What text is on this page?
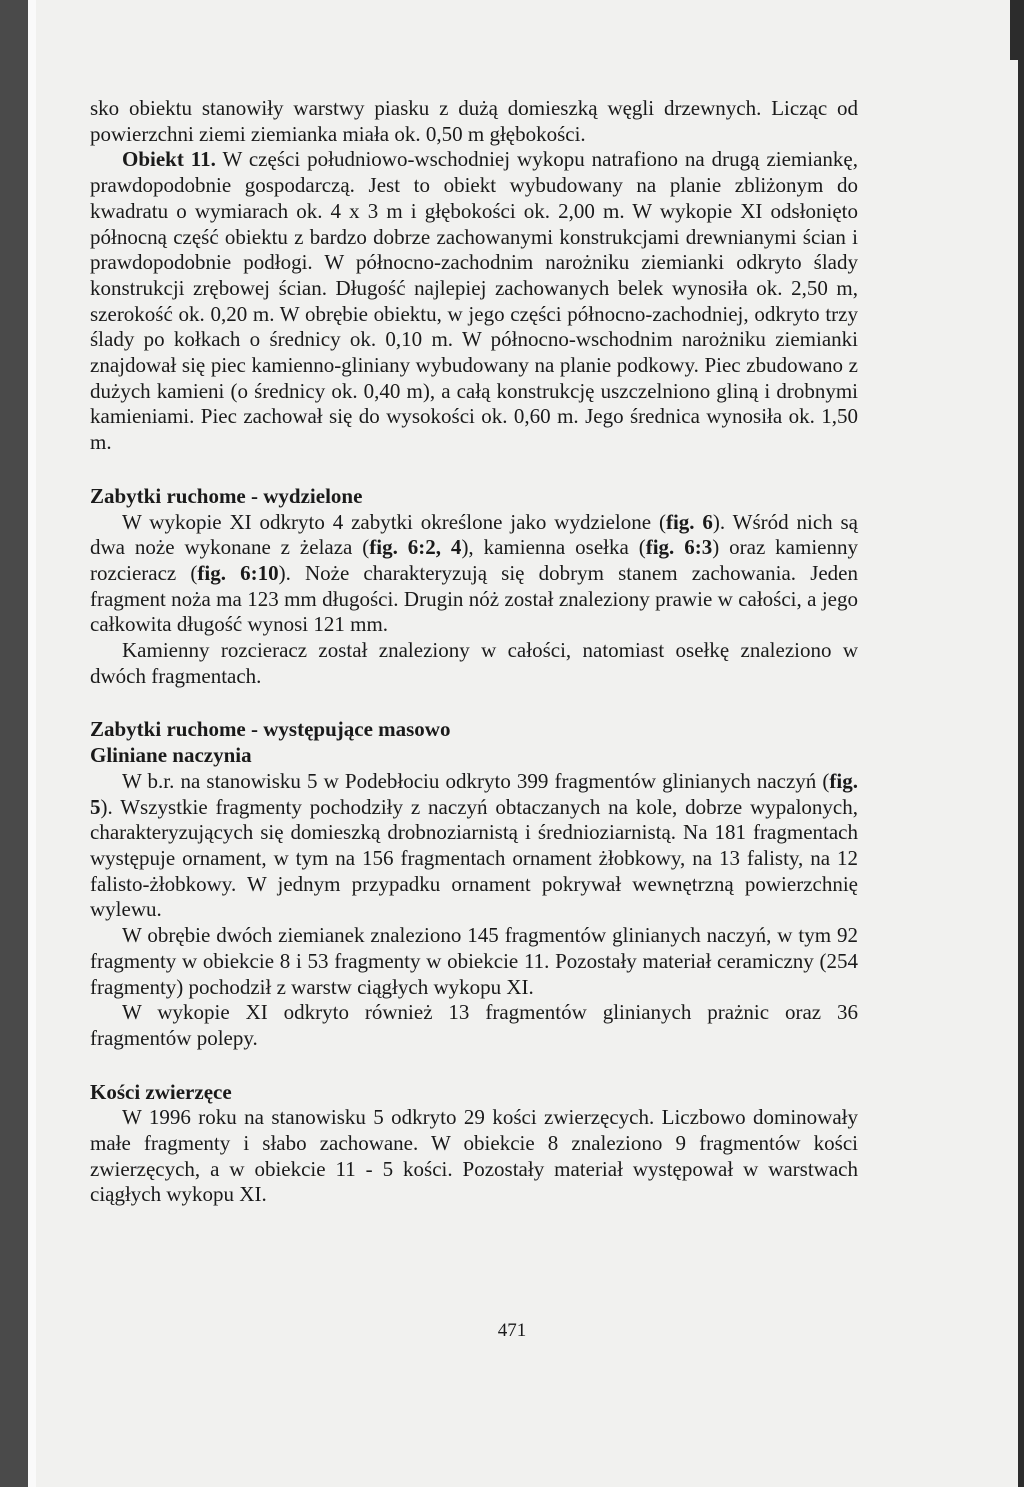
sko obiektu stanowiły warstwy piasku z dużą domieszką węgli drzewnych. Licząc od powierzchni ziemi ziemianka miała ok. 0,50 m głębokości.

Obiekt 11. W części południowo-wschodniej wykopu natrafiono na drugą ziemiankę, prawdopodobnie gospodarczą. Jest to obiekt wybudowany na planie zbliżonym do kwadratu o wymiarach ok. 4 x 3 m i głębokości ok. 2,00 m. W wykopie XI odsłonięto północną część obiektu z bardzo dobrze zachowanymi konstrukcjami drewnianymi ścian i prawdopodobnie podłogi. W północno-zachodnim narożniku ziemianki odkryto ślady konstrukcji zrębowej ścian. Długość najlepiej zachowanych belek wynosiła ok. 2,50 m, szerokość ok. 0,20 m. W obrębie obiektu, w jego części północno-zachodniej, odkryto trzy ślady po kołkach o średnicy ok. 0,10 m. W północno-wschodnim narożniku ziemianki znajdował się piec kamienno-gliniany wybudowany na planie podkowy. Piec zbudowano z dużych kamieni (o średnicy ok. 0,40 m), a całą konstrukcję uszczelniono gliną i drobnymi kamieniami. Piec zachował się do wysokości ok. 0,60 m. Jego średnica wynosiła ok. 1,50 m.

Zabytki ruchome - wydzielone

W wykopie XI odkryto 4 zabytki określone jako wydzielone (fig. 6). Wśród nich są dwa noże wykonane z żelaza (fig. 6:2, 4), kamienna osełka (fig. 6:3) oraz kamienny rozcieracz (fig. 6:10). Noże charakteryzują się dobrym stanem zachowania. Jeden fragment noża ma 123 mm długości. Drugin nóż został znaleziony prawie w całości, a jego całkowita długość wynosi 121 mm.

Kamienny rozcieracz został znaleziony w całości, natomiast osełkę znaleziono w dwóch fragmentach.

Zabytki ruchome - występujące masowo
Gliniane naczynia

W b.r. na stanowisku 5 w Podebłociu odkryto 399 fragmentów glinianych naczyń (fig. 5). Wszystkie fragmenty pochodziły z naczyń obtaczanych na kole, dobrze wypalonych, charakteryzujących się domieszką drobnoziarnistą i średnioziarnistą. Na 181 fragmentach występuje ornament, w tym na 156 fragmentach ornament żłobkowy, na 13 falisty, na 12 falisto-żłobkowy. W jednym przypadku ornament pokrywał wewnętrzną powierzchnię wylewu.

W obrębie dwóch ziemianek znaleziono 145 fragmentów glinianych naczyń, w tym 92 fragmenty w obiekcie 8 i 53 fragmenty w obiekcie 11. Pozostały materiał ceramiczny (254 fragmenty) pochodził z warstw ciągłych wykopu XI.

W wykopie XI odkryto również 13 fragmentów glinianych prażnic oraz 36 fragmentów polepy.

Kości zwierzęce

W 1996 roku na stanowisku 5 odkryto 29 kości zwierzęcych. Liczbowo dominowały małe fragmenty i słabo zachowane. W obiekcie 8 znaleziono 9 fragmentów kości zwierzęcych, a w obiekcie 11 - 5 kości. Pozostały materiał występował w warstwach ciągłych wykopu XI.

471
